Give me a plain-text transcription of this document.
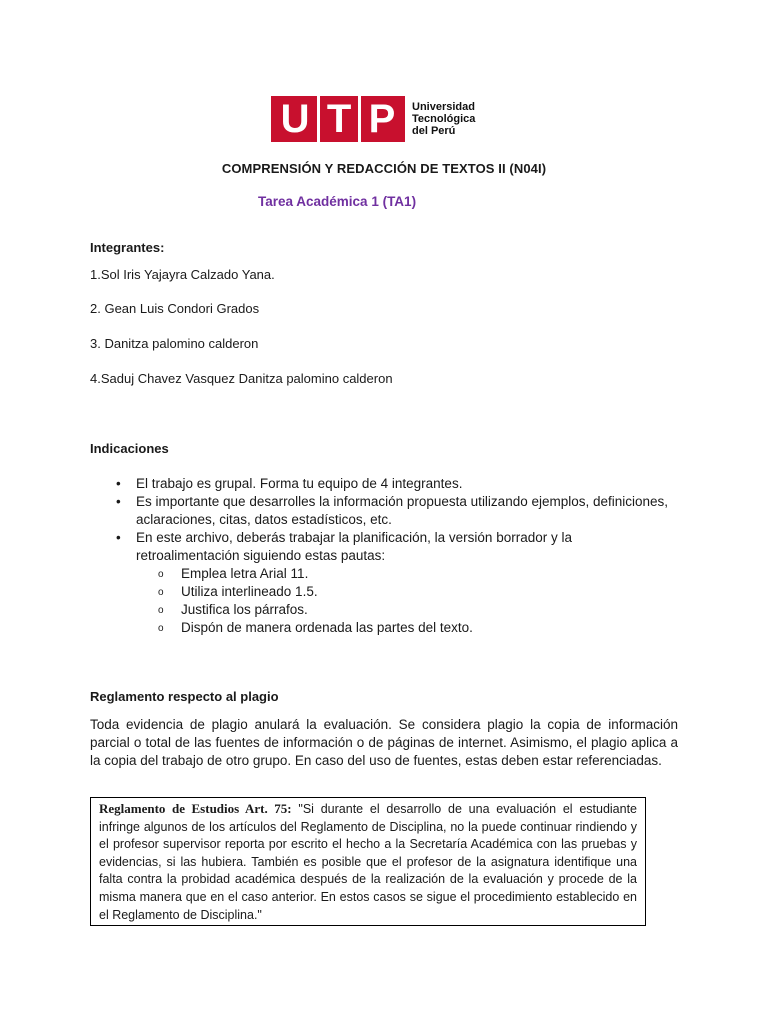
U T P Universidad
Tecnológica
del Perú
COMPRENSIÓN Y REDACCIÓN DE TEXTOS II (N04I)
Tarea Académica 1 (TA1)
Integrantes:
1.Sol Iris Yajayra Calzado Yana.
2. Gean Luis Condori Grados
3. Danitza palomino calderon
4.Saduj Chavez Vasquez Danitza palomino calderon
Indicaciones
• El trabajo es grupal. Forma tu equipo de 4 integrantes.
• Es importante que desarrolles la información propuesta utilizando ejemplos, definiciones, aclaraciones, citas, datos estadísticos, etc.
• En este archivo, deberás trabajar la planificación, la versión borrador y la retroalimentación siguiendo estas pautas:
o Emplea letra Arial 11.
o Utiliza interlineado 1.5.
o Justifica los párrafos.
o Dispón de manera ordenada las partes del texto.
Reglamento respecto al plagio
Toda evidencia de plagio anulará la evaluación. Se considera plagio la copia de información parcial o total de las fuentes de información o de páginas de internet. Asimismo, el plagio aplica a la copia del trabajo de otro grupo. En caso del uso de fuentes, estas deben estar referenciadas.
Reglamento de Estudios Art. 75: "Si durante el desarrollo de una evaluación el estudiante infringe algunos de los artículos del Reglamento de Disciplina, no la puede continuar rindiendo y el profesor supervisor reporta por escrito el hecho a la Secretaría Académica con las pruebas y evidencias, si las hubiera. También es posible que el profesor de la asignatura identifique una falta contra la probidad académica después de la realización de la evaluación y procede de la misma manera que en el caso anterior. En estos casos se sigue el procedimiento establecido en el Reglamento de Disciplina."
